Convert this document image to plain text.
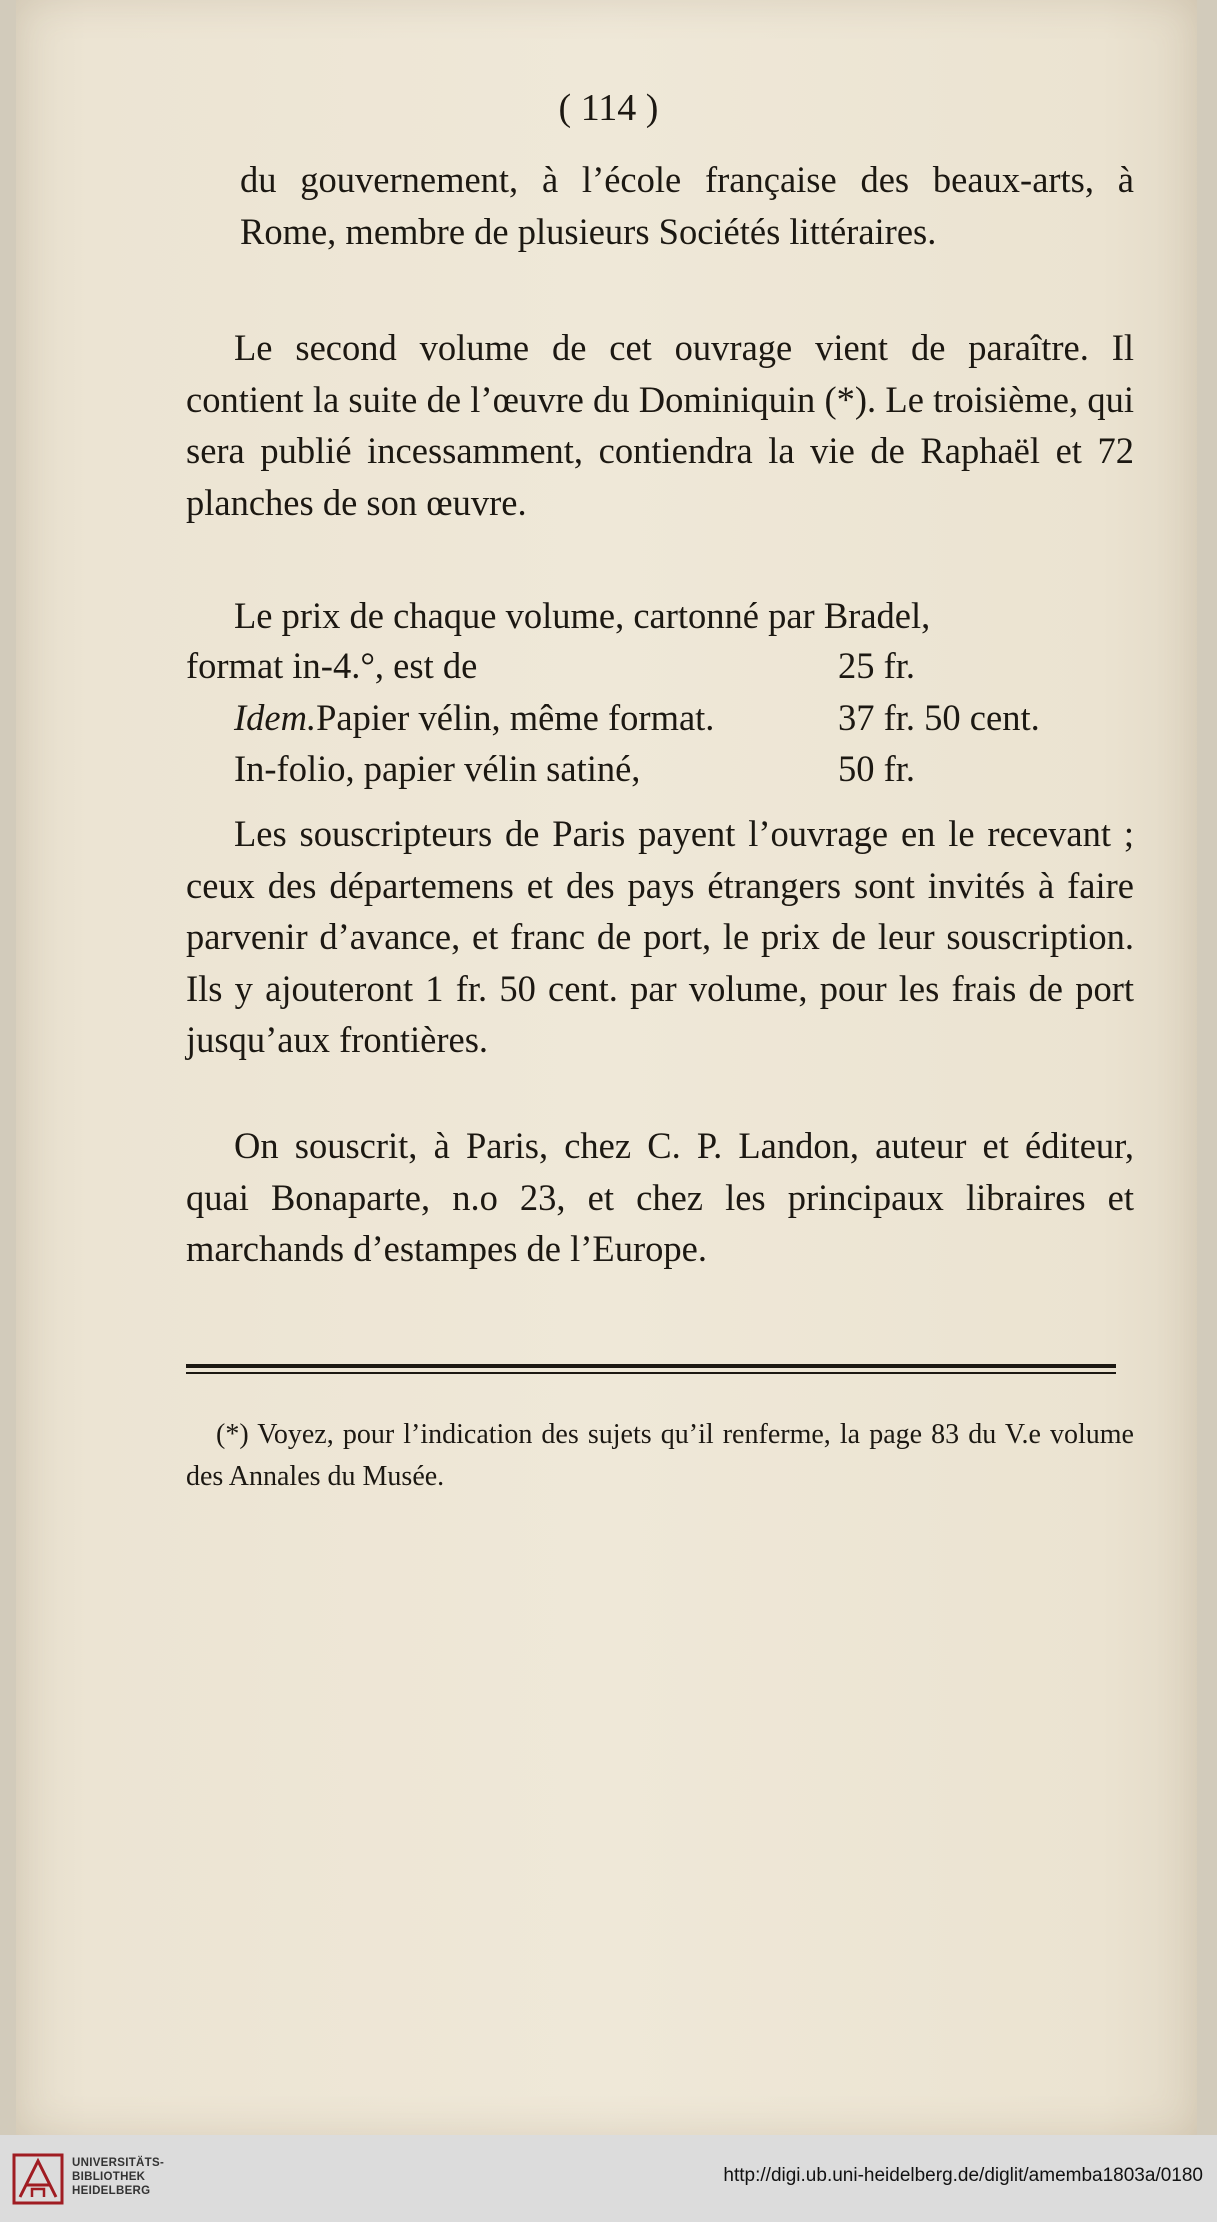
( 114 )

du gouvernement, à l’école française des beaux-arts, à Rome, membre de plusieurs Sociétés littéraires.

Le second volume de cet ouvrage vient de paraître. Il contient la suite de l’œuvre du Dominiquin (*). Le troisième, qui sera publié incessamment, contiendra la vie de Raphaël et 72 planches de son œuvre.

Le prix de chaque volume, cartonné par Bradel,

format in-4.°, est de	25 fr.
Idem.Papier vélin, même format.	37 fr. 50 cent.
In-folio, papier vélin satiné,	50 fr.

Les souscripteurs de Paris payent l’ouvrage en le recevant ; ceux des départemens et des pays étrangers sont invités à faire parvenir d’avance, et franc de port, le prix de leur souscription. Ils y ajouteront 1 fr. 50 cent. par volume, pour les frais de port jusqu’aux frontières.

On souscrit, à Paris, chez C. P. Landon, auteur et éditeur, quai Bonaparte, n.o 23, et chez les principaux libraires et marchands d’estampes de l’Europe.

(*) Voyez, pour l’indication des sujets qu’il renferme, la page 83 du V.e volume des Annales du Musée.
UNIVERSITÄTS-
BIBLIOTHEK
HEIDELBERG
http://digi.ub.uni-heidelberg.de/diglit/amemba1803a/0180
